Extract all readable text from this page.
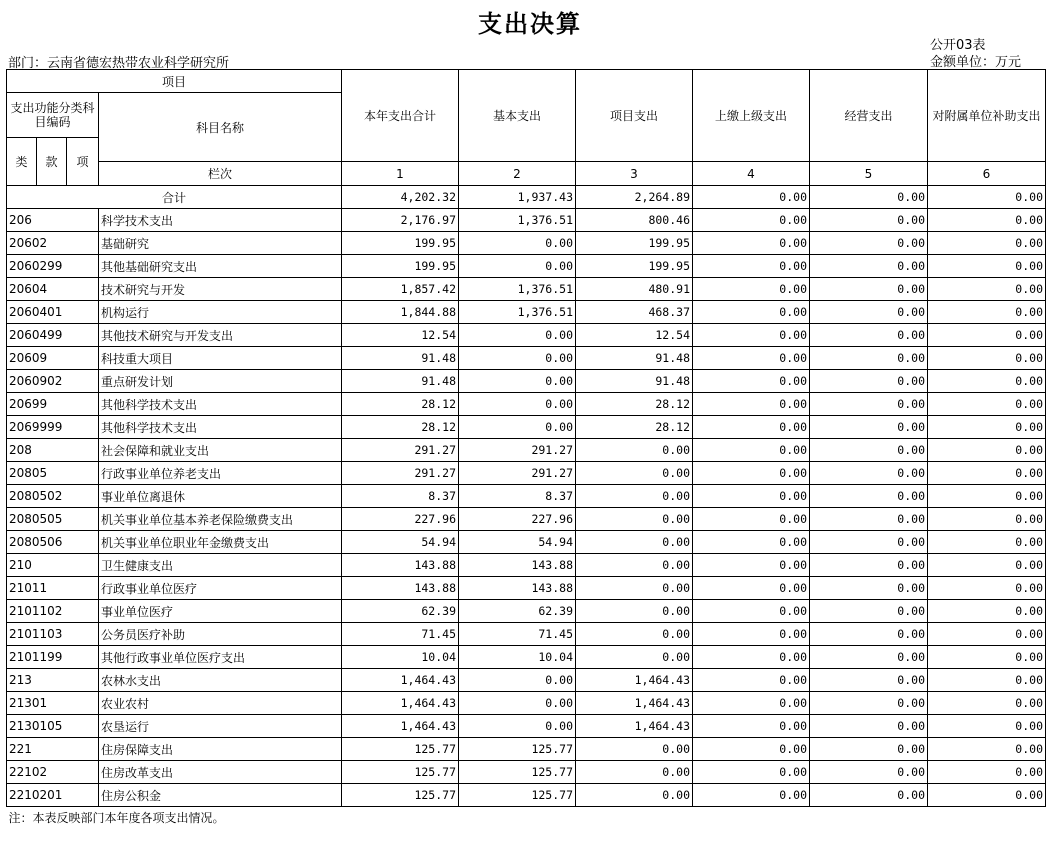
支出决算
公开03表
部门：云南省德宏热带农业科学研究所	金额单位：万元
项目				本年支出合计	基本支出	项目支出	上缴上级支出	经营支出	对附属单位补助支出
支出功能分类科目编码			科目名称						
类	款	项							
			栏次	1	2	3	4	5	6
合计				4,202.32	1,937.43	2,264.89	0.00	0.00	0.00
206			科学技术支出	2,176.97	1,376.51	800.46	0.00	0.00	0.00
20602			基础研究	199.95	0.00	199.95	0.00	0.00	0.00
2060299			其他基础研究支出	199.95	0.00	199.95	0.00	0.00	0.00
20604			技术研究与开发	1,857.42	1,376.51	480.91	0.00	0.00	0.00
2060401			机构运行	1,844.88	1,376.51	468.37	0.00	0.00	0.00
2060499			其他技术研究与开发支出	12.54	0.00	12.54	0.00	0.00	0.00
20609			科技重大项目	91.48	0.00	91.48	0.00	0.00	0.00
2060902			重点研发计划	91.48	0.00	91.48	0.00	0.00	0.00
20699			其他科学技术支出	28.12	0.00	28.12	0.00	0.00	0.00
2069999			其他科学技术支出	28.12	0.00	28.12	0.00	0.00	0.00
208			社会保障和就业支出	291.27	291.27	0.00	0.00	0.00	0.00
20805			行政事业单位养老支出	291.27	291.27	0.00	0.00	0.00	0.00
2080502			事业单位离退休	8.37	8.37	0.00	0.00	0.00	0.00
2080505			机关事业单位基本养老保险缴费支出	227.96	227.96	0.00	0.00	0.00	0.00
2080506			机关事业单位职业年金缴费支出	54.94	54.94	0.00	0.00	0.00	0.00
210			卫生健康支出	143.88	143.88	0.00	0.00	0.00	0.00
21011			行政事业单位医疗	143.88	143.88	0.00	0.00	0.00	0.00
2101102			事业单位医疗	62.39	62.39	0.00	0.00	0.00	0.00
2101103			公务员医疗补助	71.45	71.45	0.00	0.00	0.00	0.00
2101199			其他行政事业单位医疗支出	10.04	10.04	0.00	0.00	0.00	0.00
213			农林水支出	1,464.43	0.00	1,464.43	0.00	0.00	0.00
21301			农业农村	1,464.43	0.00	1,464.43	0.00	0.00	0.00
2130105			农垦运行	1,464.43	0.00	1,464.43	0.00	0.00	0.00
221			住房保障支出	125.77	125.77	0.00	0.00	0.00	0.00
22102			住房改革支出	125.77	125.77	0.00	0.00	0.00	0.00
2210201			住房公积金	125.77	125.77	0.00	0.00	0.00	0.00
注：本表反映部门本年度各项支出情况。									
